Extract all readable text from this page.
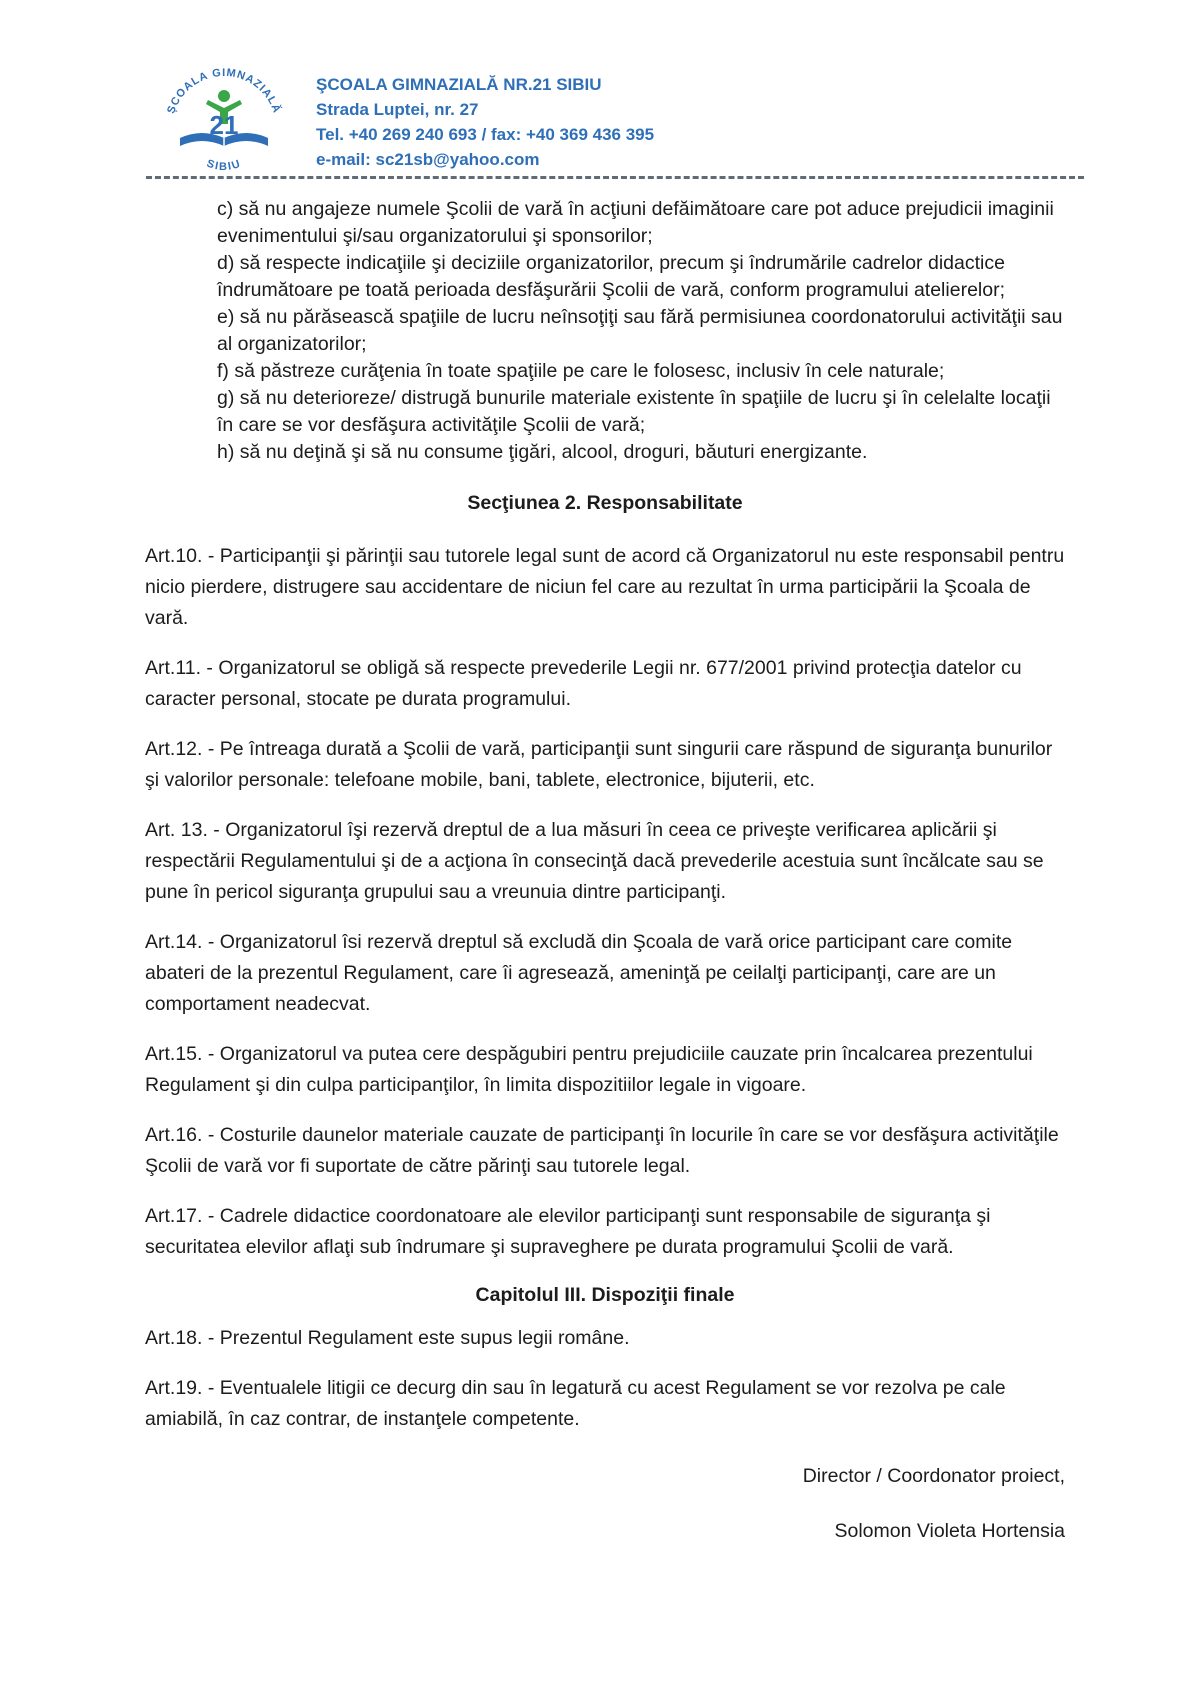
ȘCOALA GIMNAZIALĂ
21
SIBIU
ŞCOALA GIMNAZIALĂ NR.21 SIBIU
Strada Luptei, nr. 27
Tel. +40 269 240 693 / fax: +40 369 436 395
e-mail: sc21sb@yahoo.com
c) să nu angajeze numele Şcolii de vară în acţiuni defăimătoare care pot aduce prejudicii imaginii evenimentului şi/sau organizatorului şi sponsorilor;
d) să respecte indicaţiile şi deciziile organizatorilor, precum şi îndrumările cadrelor didactice îndrumătoare pe toată perioada desfăşurării Şcolii de vară, conform programului atelierelor;
e) să nu părăsească spaţiile de lucru neînsoţiţi sau fără permisiunea coordonatorului activităţii sau al organizatorilor;
f) să păstreze curăţenia în toate spaţiile pe care le folosesc, inclusiv în cele naturale;
g) să nu deterioreze/ distrugă bunurile materiale existente în spaţiile de lucru şi în celelalte locaţii în care se vor desfăşura activităţile Şcolii de vară;
h) să nu deţină şi să nu consume ţigări, alcool, droguri, băuturi energizante.
Secţiunea 2. Responsabilitate
Art.10. - Participanţii şi părinţii sau tutorele legal sunt de acord că Organizatorul nu este responsabil pentru nicio pierdere, distrugere sau accidentare de niciun fel care au rezultat în urma participării la Şcoala de vară.
Art.11. - Organizatorul se obligă să respecte prevederile Legii nr. 677/2001 privind protecţia datelor cu caracter personal, stocate pe durata programului.
Art.12. - Pe întreaga durată a Şcolii de vară, participanţii sunt singurii care răspund de siguranţa bunurilor şi valorilor personale: telefoane mobile, bani, tablete, electronice, bijuterii, etc.
Art. 13. - Organizatorul îşi rezervă dreptul de a lua măsuri în ceea ce priveşte verificarea aplicării şi respectării Regulamentului şi de a acţiona în consecinţă dacă prevederile acestuia sunt încălcate sau se pune în pericol siguranţa grupului sau a vreunuia dintre participanţi.
Art.14. - Organizatorul îsi rezervă dreptul să excludă din Şcoala de vară orice participant care comite abateri de la prezentul Regulament, care îi agresează, ameninţă pe ceilalţi participanţi, care are un comportament neadecvat.
Art.15. - Organizatorul va putea cere despăgubiri pentru prejudiciile cauzate prin încalcarea prezentului Regulament şi din culpa participanţilor, în limita dispozitiilor legale in vigoare.
Art.16. - Costurile daunelor materiale cauzate de participanţi în locurile în care se vor desfăşura activităţile Şcolii de vară vor fi suportate de către părinţi sau tutorele legal.
Art.17. - Cadrele didactice coordonatoare ale elevilor participanţi sunt responsabile de siguranţa şi securitatea elevilor aflaţi sub îndrumare şi supraveghere pe durata programului Şcolii de vară.
Capitolul III. Dispoziţii finale
Art.18. - Prezentul Regulament este supus legii române.
Art.19. - Eventualele litigii ce decurg din sau în legatură cu acest Regulament se vor rezolva pe cale amiabilă, în caz contrar, de instanţele competente.
Director / Coordonator proiect,
Solomon Violeta Hortensia
